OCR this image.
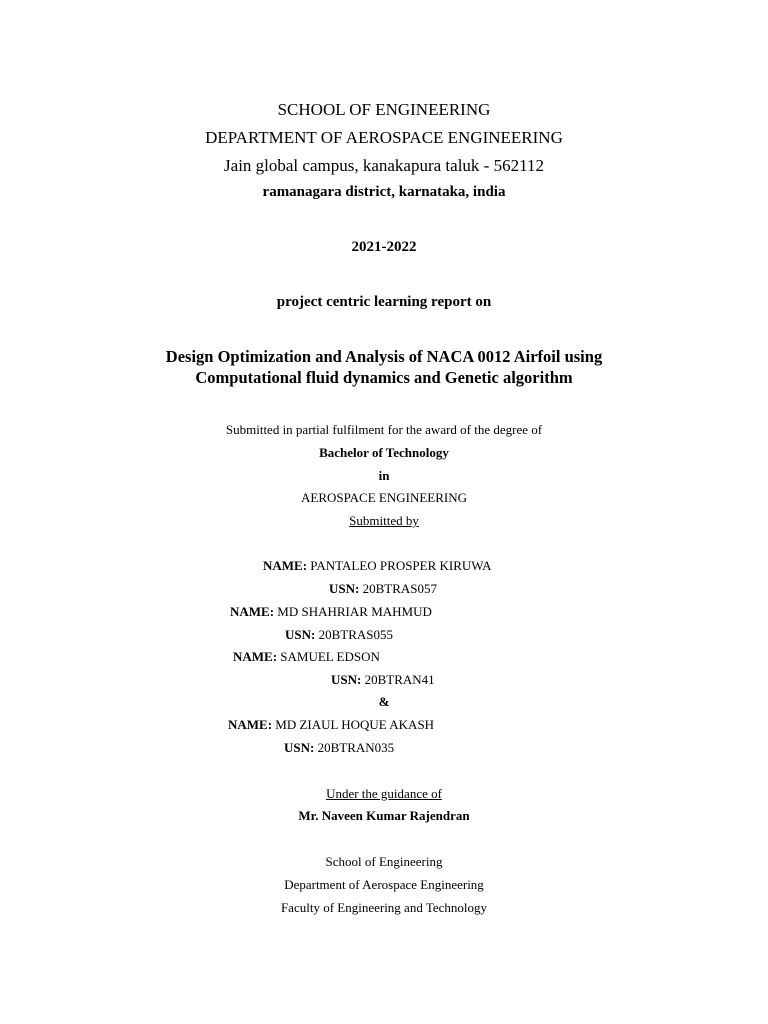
SCHOOL OF ENGINEERING
DEPARTMENT OF AEROSPACE ENGINEERING
Jain global campus, kanakapura taluk - 562112
ramanagara district, karnataka, india
2021-2022
project centric learning report on
Design Optimization and Analysis of NACA 0012 Airfoil using
Computational fluid dynamics and Genetic algorithm
Submitted in partial fulfilment for the award of the degree of
Bachelor of Technology
in
AEROSPACE ENGINEERING
Submitted by
NAME: PANTALEO PROSPER KIRUWA
USN: 20BTRAS057
NAME: MD SHAHRIAR MAHMUD
USN: 20BTRAS055
NAME: SAMUEL EDSON
USN: 20BTRAN41
&
NAME: MD ZIAUL HOQUE AKASH
USN: 20BTRAN035
Under the guidance of
Mr. Naveen Kumar Rajendran
School of Engineering
Department of Aerospace Engineering
Faculty of Engineering and Technology
